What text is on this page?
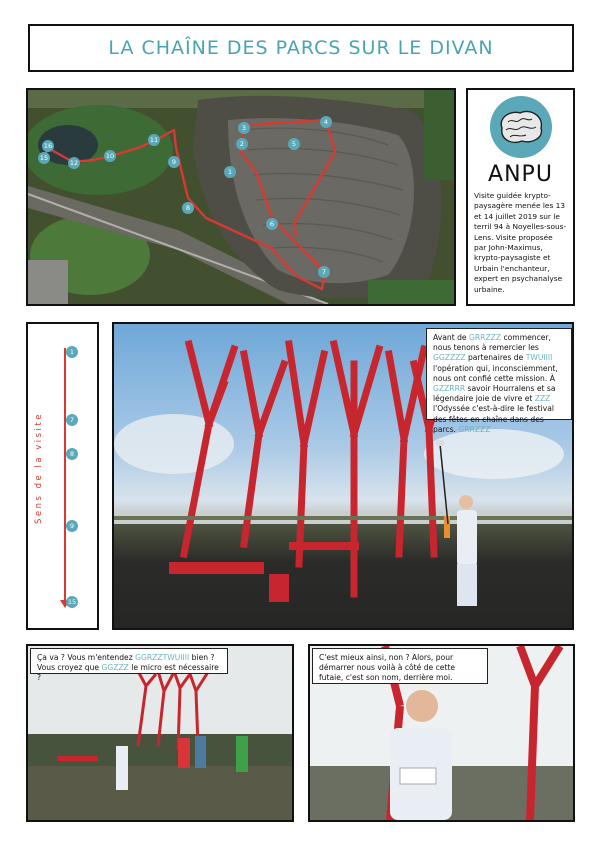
LA CHAÎNE DES PARCS SUR LE DIVAN
16
15
12
10
11
9
8
1
2
3
4
5
6
7
ANPU
Visite guidée krypto-paysagère menée les 13 et 14 juillet 2019 sur le terril 94 à Noyelles-sous-Lens. Visite proposée par John-Maximus, krypto-paysagiste et Urbain l'enchanteur, expert en psychanalyse urbaine.
Sens de la visite
1
7
8
9
15
Avant de GRRZZZ commencer, nous tenons à remercier les GGZZZZ partenaires de TWUIIII l'opération qui, inconsciemment, nous ont confié cette mission. À GZZRRR savoir Hourralens et sa légendaire joie de vivre et ZZZ l'Odyssée c'est-à-dire le festival des fêtes en chaîne dans des parcs. GRRZZZ
Ça va ? Vous m'entendez GGRZZTWUIIII bien ? Vous croyez que GGZZZ le micro est nécessaire ?
C'est mieux ainsi, non ? Alors, pour démarrer nous voilà à côté de cette futaie, c'est son nom, derrière moi.
